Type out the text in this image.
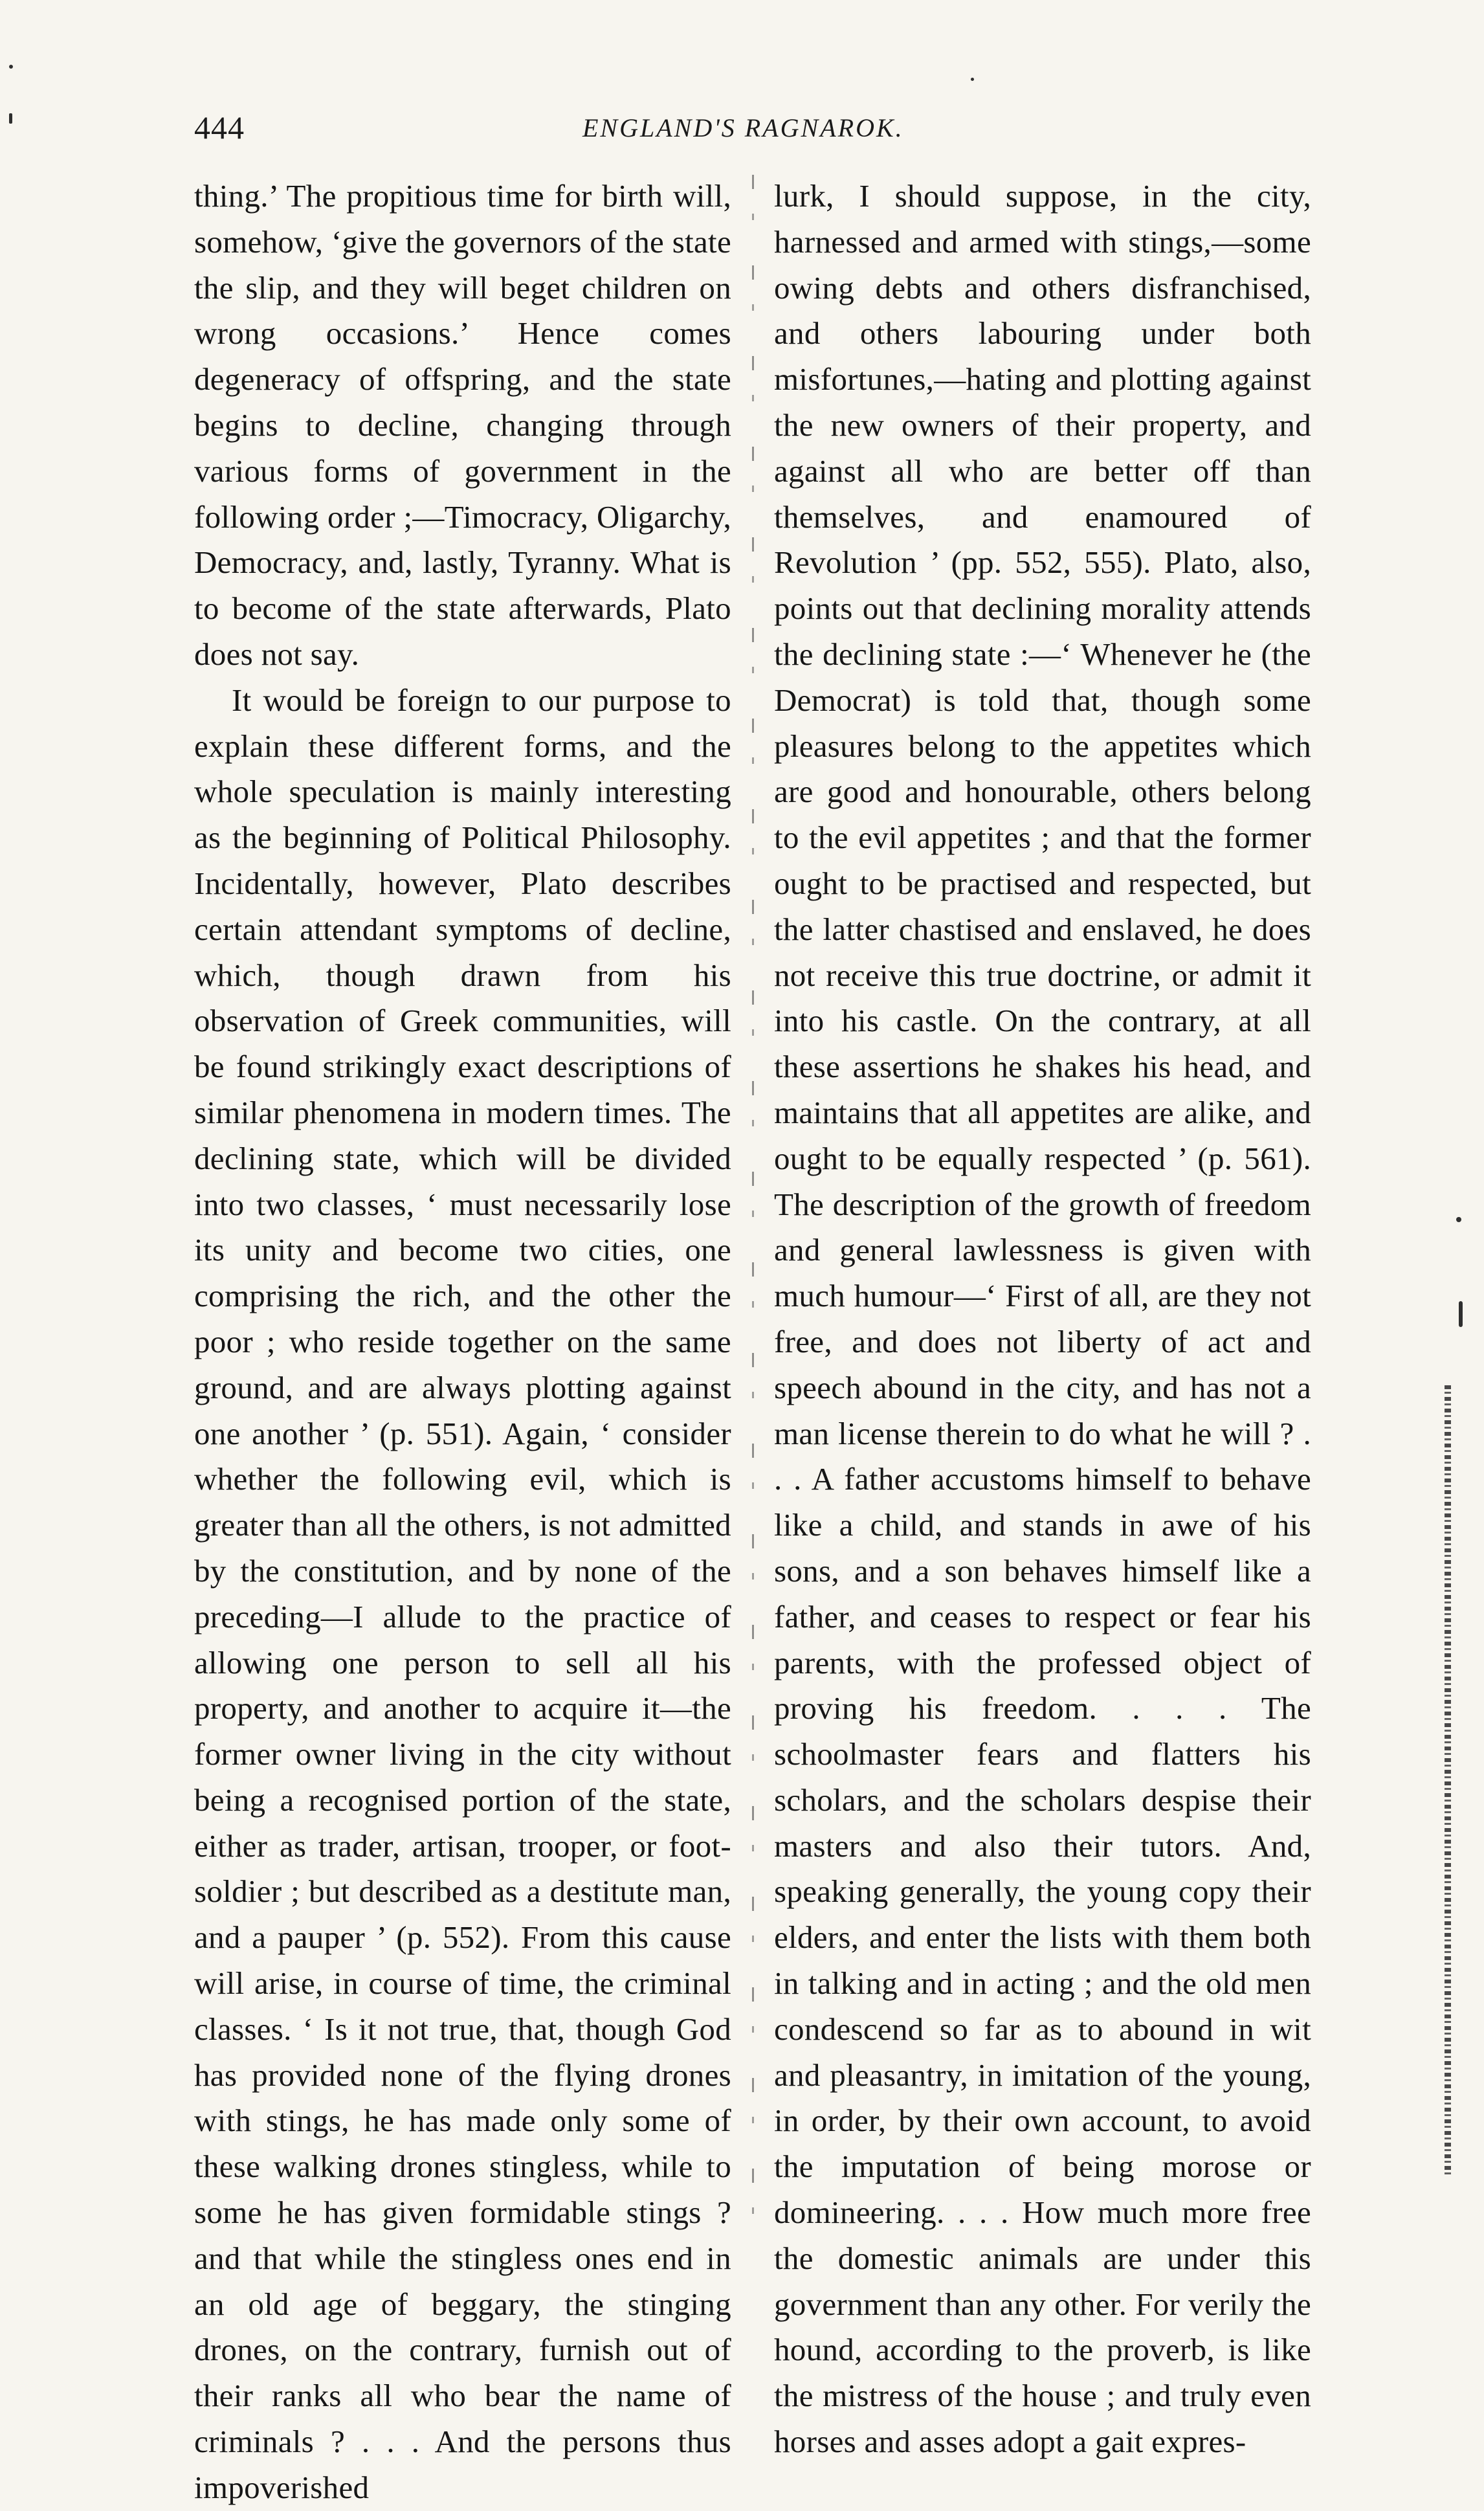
444	ENGLAND'S RAGNAROK.

thing.’ The propitious time for birth will, somehow, ‘give the governors of the state the slip, and they will beget children on wrong occasions.’ Hence comes degeneracy of offspring, and the state begins to decline, changing through various forms of government in the following order ;—Timocracy, Oligarchy, Democracy, and, lastly, Tyranny. What is to become of the state afterwards, Plato does not say.

It would be foreign to our purpose to explain these different forms, and the whole speculation is mainly interesting as the beginning of Political Philosophy. Incidentally, however, Plato describes certain attendant symptoms of decline, which, though drawn from his observation of Greek communities, will be found strikingly exact descriptions of similar phenomena in modern times. The declining state, which will be divided into two classes, ‘ must necessarily lose its unity and become two cities, one comprising the rich, and the other the poor ; who reside together on the same ground, and are always plotting against one another ’ (p. 551). Again, ‘ consider whether the following evil, which is greater than all the others, is not admitted by the constitution, and by none of the preceding—I allude to the practice of allowing one person to sell all his property, and another to acquire it—the former owner living in the city without being a recognised portion of the state, either as trader, artisan, trooper, or foot-soldier ; but described as a destitute man, and a pauper ’ (p. 552). From this cause will arise, in course of time, the criminal classes. ‘ Is it not true, that, though God has provided none of the flying drones with stings, he has made only some of these walking drones stingless, while to some he has given formidable stings ? and that while the stingless ones end in an old age of beggary, the stinging drones, on the contrary, furnish out of their ranks all who bear the name of criminals ? . . . And the persons thus impoverished

lurk, I should suppose, in the city, harnessed and armed with stings,—some owing debts and others disfranchised, and others labouring under both misfortunes,—hating and plotting against the new owners of their property, and against all who are better off than themselves, and enamoured of Revolution ’ (pp. 552, 555). Plato, also, points out that declining morality attends the declining state :—‘ Whenever he (the Democrat) is told that, though some pleasures belong to the appetites which are good and honourable, others belong to the evil appetites ; and that the former ought to be practised and respected, but the latter chastised and enslaved, he does not receive this true doctrine, or admit it into his castle. On the contrary, at all these assertions he shakes his head, and maintains that all appetites are alike, and ought to be equally respected ’ (p. 561). The description of the growth of freedom and general lawlessness is given with much humour—‘ First of all, are they not free, and does not liberty of act and speech abound in the city, and has not a man license therein to do what he will ? . . . A father accustoms himself to behave like a child, and stands in awe of his sons, and a son behaves himself like a father, and ceases to respect or fear his parents, with the professed object of proving his freedom. . . . The schoolmaster fears and flatters his scholars, and the scholars despise their masters and also their tutors. And, speaking generally, the young copy their elders, and enter the lists with them both in talking and in acting ; and the old men condescend so far as to abound in wit and pleasantry, in imitation of the young, in order, by their own account, to avoid the imputation of being morose or domineering. . . . How much more free the domestic animals are under this government than any other. For verily the hound, according to the proverb, is like the mistress of the house ; and truly even horses and asses adopt a gait expres-
